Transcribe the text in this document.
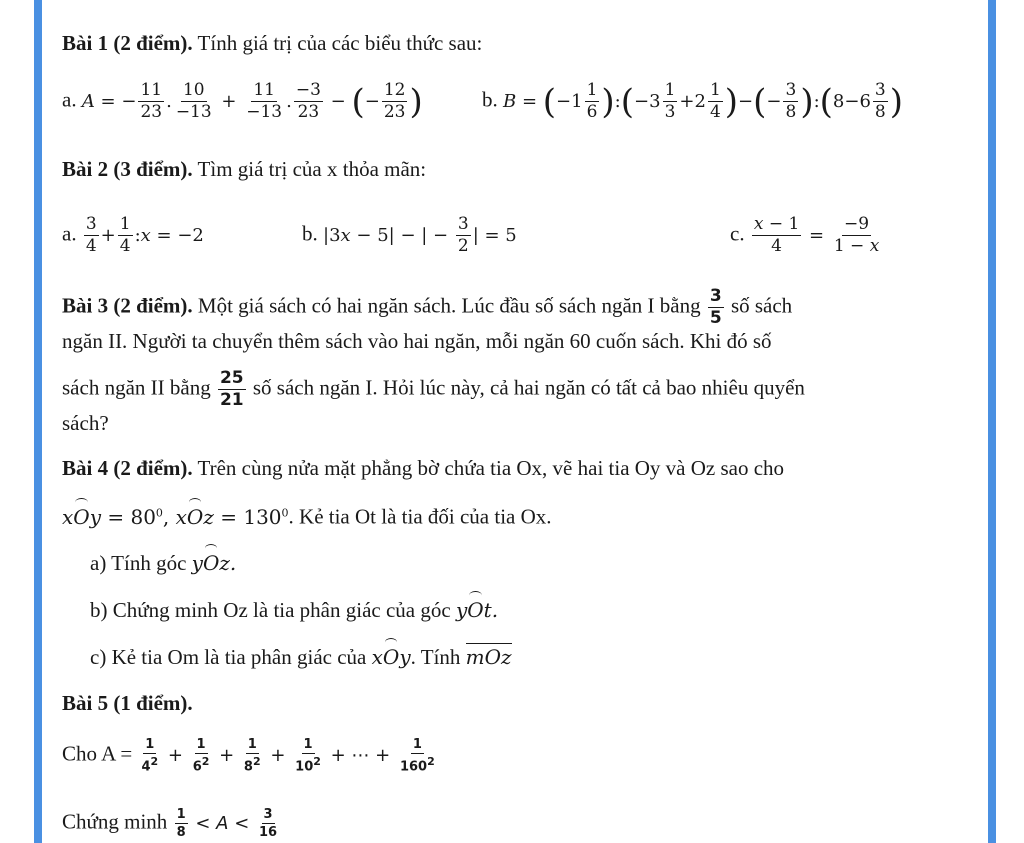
Bài 1 (2 điểm). Tính giá trị của các biểu thức sau:
a. A = − $\frac{11}{23}$ . $\frac{10}{-13} + \frac{11}{-13}$ . $\frac{-3}{23}$ − (− $\frac{12}{23}$ )	b. $B = (-1 \frac{1}{6}$ ):(−3 $\frac{1}{3} +2 \frac{1}{4}$ )−(− $\frac{3}{8}$ ):(8−6 $\frac{3}{8}$ )
Bài 2 (3 điểm). Tìm giá trị của x thỏa mãn:
a. $\frac{3}{4} + \frac{1}{4}$ :x = −2	b. |3x − 5| − | − $\frac{3}{2}$ | = 5	c. $\frac{x - 1}{4} = \frac{-9}{1 - x}$
Bài 3 (2 điểm). Một giá sách có hai ngăn sách. Lúc đầu số sách ngăn I bằng $\frac{3}{5}$ số sách
ngăn II. Người ta chuyển thêm sách vào hai ngăn, mỗi ngăn 60 cuốn sách. Khi đó số
sách ngăn II bằng $\frac{25}{21}$ số sách ngăn I. Hỏi lúc này, cả hai ngăn có tất cả bao nhiêu quyển
sách?
Bài 4 (2 điểm). Trên cùng nửa mặt phẳng bờ chứa tia Ox, vẽ hai tia Oy và Oz sao cho
xOy = $80^0$, xOz = $130^0$. Kẻ tia Ot là tia đối của tia Ox.
a) Tính góc yOz.
b) Chứng minh Oz là tia phân giác của góc yOt.
c) Kẻ tia Om là tia phân giác của xOy. Tính mOz
Bài 5 (1 điểm).
Cho $A = \frac{1}{4^2} + \frac{1}{6^2} + \frac{1}{8^2} + \frac{1}{10^2}$ + ⋯ + $\frac{1}{160^2}$
Chứng minh $\frac{1}{8} < A < \frac{3}{16}$
